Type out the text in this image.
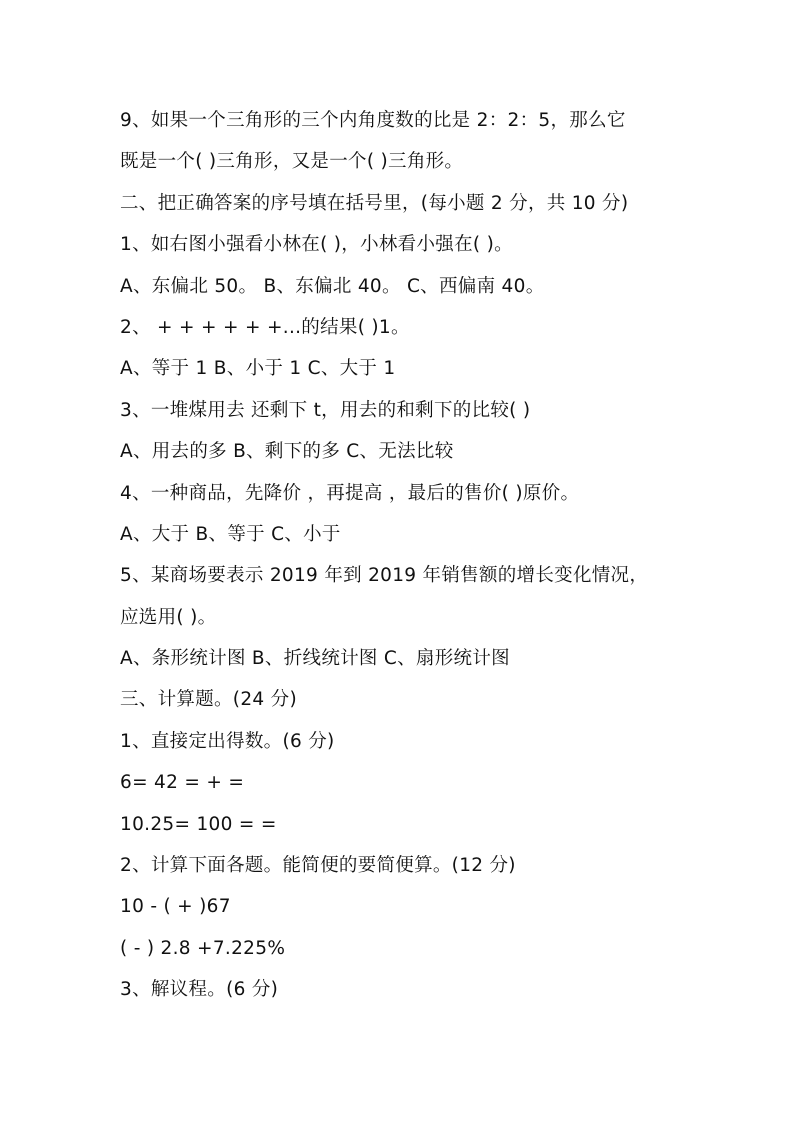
9、如果一个三角形的三个内角度数的比是 2：2：5，那么它
既是一个( )三角形，又是一个( )三角形。
二、把正确答案的序号填在括号里，(每小题 2 分，共 10 分)
1、如右图小强看小林在( )，小林看小强在( )。
A、东偏北 50。 B、东偏北 40。 C、西偏南 40。
2、 + + + + + +...的结果( )1。
A、等于 1 B、小于 1 C、大于 1
3、一堆煤用去 还剩下 t，用去的和剩下的比较( )
A、用去的多 B、剩下的多 C、无法比较
4、一种商品，先降价 ，再提高 ，最后的售价( )原价。
A、大于 B、等于 C、小于
5、某商场要表示 2019 年到 2019 年销售额的增长变化情况，
应选用( )。
A、条形统计图 B、折线统计图 C、扇形统计图
三、计算题。(24 分)
1、直接定出得数。(6 分)
6= 42 = + =
10.25= 100 = =
2、计算下面各题。能简便的要简便算。(12 分)
10 - ( + )67
( - ) 2.8 +7.225%
3、解议程。(6 分)
